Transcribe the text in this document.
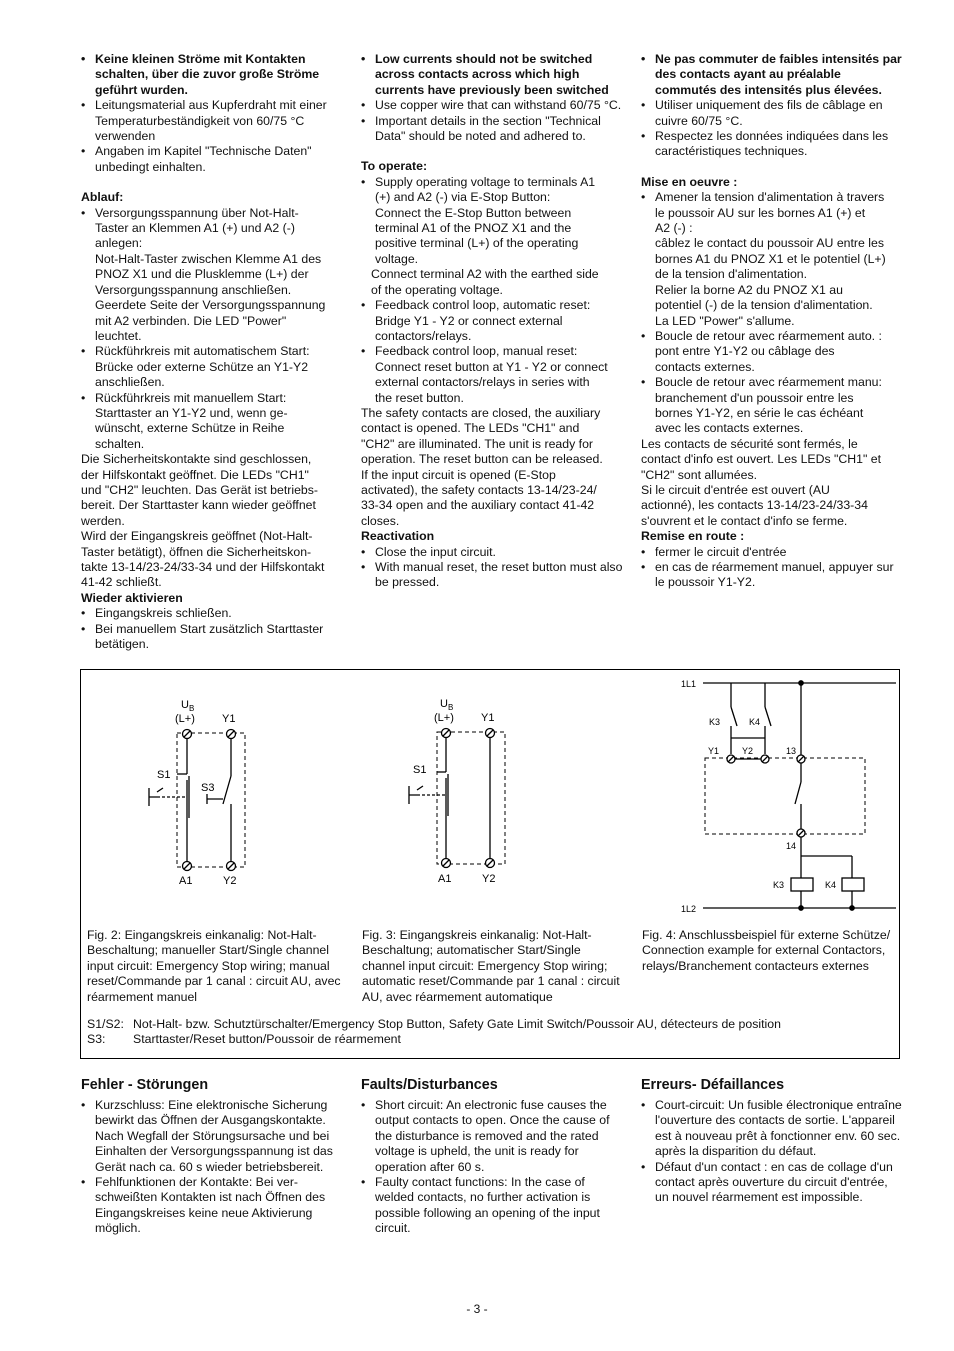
• Keine kleinen Ströme mit Kontakten schalten, über die zuvor große Ströme geführt wurden.
• Leitungsmaterial aus Kupferdraht mit einer Temperaturbeständigkeit von 60/75 °C verwenden
• Angaben im Kapitel "Technische Daten" unbedingt einhalten.
Ablauf:
• Versorgungsspannung über Not-Halt-
Taster an Klemmen A1 (+) und A2 (-)
anlegen:
Not-Halt-Taster zwischen Klemme A1 des
PNOZ X1 und die Plusklemme (L+) der
Versorgungsspannung anschließen.
Geerdete Seite der Versorgungsspannung
mit A2 verbinden. Die LED "Power"
leuchtet.
• Rückführkreis mit automatischem Start: Brücke oder externe Schütze an Y1-Y2 anschließen.
• Rückführkreis mit manuellem Start:
Starttaster an Y1-Y2 und, wenn ge-
wünscht, externe Schütze in Reihe
schalten.

Die Sicherheitskontakte sind geschlossen,
der Hilfskontakt geöffnet. Die LEDs "CH1"
und "CH2" leuchten. Das Gerät ist betriebs-
bereit. Der Starttaster kann wieder geöffnet
werden.
Wird der Eingangskreis geöffnet (Not-Halt-
Taster betätigt), öffnen die Sicherheitskon-
takte 13-14/23-24/33-34 und der Hilfskontakt
41-42 schließt.

Wieder aktivieren
• Eingangskreis schließen.
• Bei manuellem Start zusätzlich Starttaster betätigen.
• Low currents should not be switched across contacts across which high currents have previously been switched
• Use copper wire that can withstand 60/75 °C.
• Important details in the section "Technical Data" should be noted and adhered to.
To operate:
• Supply operating voltage to terminals A1
(+) and A2 (-) via E-Stop Button:
Connect the E-Stop Button between
terminal A1 of the PNOZ X1 and the
positive terminal (L+) of the operating
voltage.
Connect terminal A2 with the earthed side
of the operating voltage.
• Feedback control loop, automatic reset:
Bridge Y1 - Y2 or connect external
contactors/relays.
• Feedback control loop, manual reset:
Connect reset button at Y1 - Y2 or connect
external contactors/relays in series with
the reset button.

The safety contacts are closed, the auxiliary
contact is opened. The LEDs "CH1" and
"CH2" are illuminated. The unit is ready for
operation. The reset button can be released.
If the input circuit is opened (E-Stop
activated), the safety contacts 13-14/23-24/
33-34 open and the auxiliary contact 41-42
closes.

Reactivation
• Close the input circuit.
• With manual reset, the reset button must also be pressed.
• Ne pas commuter de faibles intensités par des contacts ayant au préalable commutés des intensités plus élevées.
• Utiliser uniquement des fils de câblage en cuivre 60/75 °C.
• Respectez les données indiquées dans les caractéristiques techniques.
Mise en oeuvre :
• Amener la tension d'alimentation à travers
le poussoir AU sur les bornes A1 (+) et
A2 (-) :
câblez le contact du poussoir AU entre les
bornes A1 du PNOZ X1 et le potentiel (L+)
de la tension d'alimentation.
Relier la borne A2 du PNOZ X1 au
potentiel (-) de la tension d'alimentation.
La LED "Power" s'allume.
• Boucle de retour avec réarmement auto. :
pont entre Y1-Y2 ou câblage des
contacts externes.
• Boucle de retour avec réarmement manu:
branchement d'un poussoir entre les
bornes Y1-Y2, en série le cas échéant
avec les contacts externes.

Les contacts de sécurité sont fermés, le
contact d'info est ouvert. Les LEDs "CH1" et
"CH2" sont allumées.
Si le circuit d'entrée est ouvert (AU
actionné), les contacts 13-14/23-24/33-34
s'ouvrent et le contact d'info se ferme.

Remise en route :
• fermer le circuit d'entrée
• en cas de réarmement manuel, appuyer sur le poussoir Y1-Y2.
U B
(L+) Y1
S1
S3
A1	Y2
U B
(L+) Y1
S1
A1	Y2
1L1
1L2
K3	K4
Y1	Y2	13
14
K3	K4
Fig. 2: Eingangskreis einkanalig: Not-Halt-Beschaltung; manueller Start/Single channel input circuit: Emergency Stop wiring; manual reset/Commande par 1 canal : circuit AU, avec réarmement manuel
Fig. 3: Eingangskreis einkanalig: Not-Halt-Beschaltung; automatischer Start/Single channel input circuit: Emergency Stop wiring; automatic reset/Commande par 1 canal : circuit AU, avec réarmement automatique
Fig. 4: Anschlussbeispiel für externe Schütze/ Connection example for external Contactors, relays/Branchement contacteurs externes
S1/S2: Not-Halt- bzw. Schutztürschalter/Emergency Stop Button, Safety Gate Limit Switch/Poussoir AU, détecteurs de position
S3: Starttaster/Reset button/Poussoir de réarmement
Fehler - Störungen
• Kurzschluss: Eine elektronische Sicherung bewirkt das Öffnen der Ausgangskontakte. Nach Wegfall der Störungsursache und bei Einhalten der Versorgungsspannung ist das Gerät nach ca. 60 s wieder betriebsbereit.
• Fehlfunktionen der Kontakte: Bei ver-schweißten Kontakten ist nach Öffnen des Eingangskreises keine neue Aktivierung möglich.
Faults/Disturbances
• Short circuit: An electronic fuse causes the output contacts to open. Once the cause of the disturbance is removed and the rated voltage is upheld, the unit is ready for operation after 60 s.
• Faulty contact functions: In the case of welded contacts, no further activation is possible following an opening of the input circuit.
Erreurs- Défaillances
• Court-circuit: Un fusible électronique entraîne l'ouverture des contacts de sortie. L'appareil est à nouveau prêt à fonctionner env. 60 sec. après la disparition du défaut.
• Défaut d'un contact : en cas de collage d'un contact après ouverture du circuit d'entrée, un nouvel réarmement est impossible.
- 3 -
